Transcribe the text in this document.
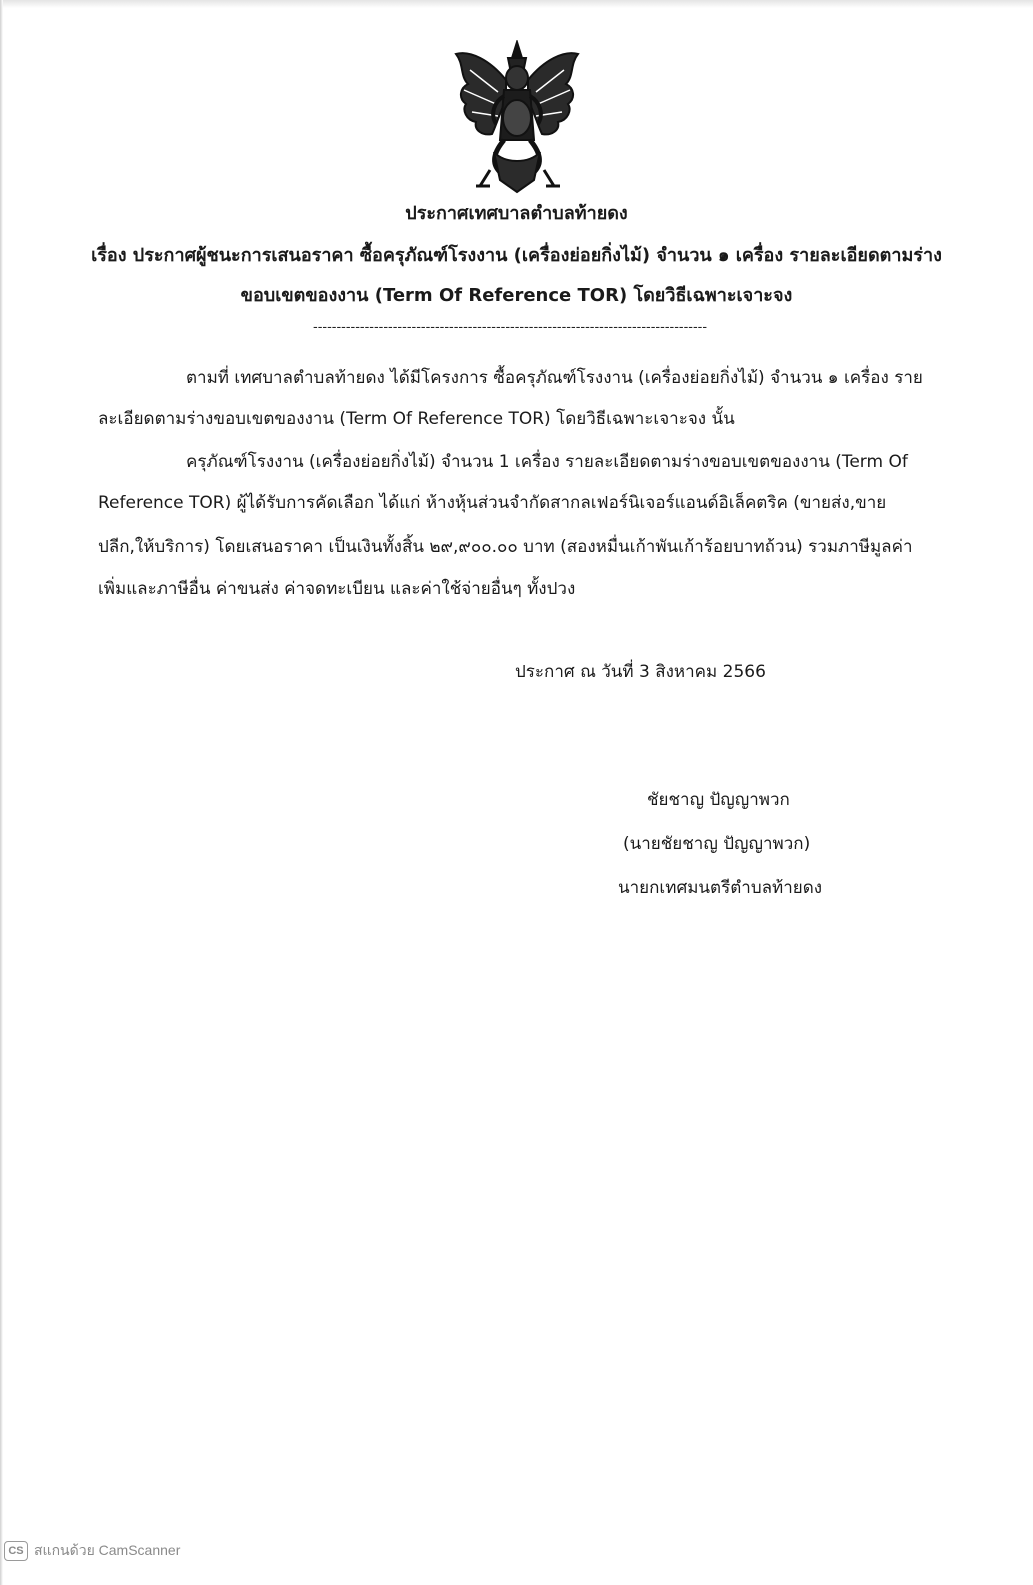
ประกาศเทศบาลตำบลท้ายดง
เรื่อง ประกาศผู้ชนะการเสนอราคา ซื้อครุภัณฑ์โรงงาน (เครื่องย่อยกิ่งไม้) จำนวน ๑ เครื่อง รายละเอียดตามร่าง
ขอบเขตของงาน (Term Of Reference TOR) โดยวิธีเฉพาะเจาะจง
------------------------------------------------------------------------------------
ตามที่ เทศบาลตำบลท้ายดง ได้มีโครงการ ซื้อครุภัณฑ์โรงงาน (เครื่องย่อยกิ่งไม้) จำนวน ๑ เครื่อง ราย
ละเอียดตามร่างขอบเขตของงาน (Term Of Reference TOR) โดยวิธีเฉพาะเจาะจง นั้น
ครุภัณฑ์โรงงาน (เครื่องย่อยกิ่งไม้) จำนวน 1 เครื่อง รายละเอียดตามร่างขอบเขตของงาน (Term Of
Reference TOR) ผู้ได้รับการคัดเลือก ได้แก่ ห้างหุ้นส่วนจำกัดสากลเฟอร์นิเจอร์แอนด์อิเล็คตริค (ขายส่ง,ขาย
ปลีก,ให้บริการ) โดยเสนอราคา เป็นเงินทั้งสิ้น ๒๙,๙๐๐.๐๐ บาท (สองหมื่นเก้าพันเก้าร้อยบาทถ้วน) รวมภาษีมูลค่า
เพิ่มและภาษีอื่น ค่าขนส่ง ค่าจดทะเบียน และค่าใช้จ่ายอื่นๆ ทั้งปวง
ประกาศ ณ วันที่ 3 สิงหาคม 2566
ชัยชาญ ปัญญาพวก
(นายชัยชาญ ปัญญาพวก)
นายกเทศมนตรีตำบลท้ายดง
CS สแกนด้วย CamScanner
